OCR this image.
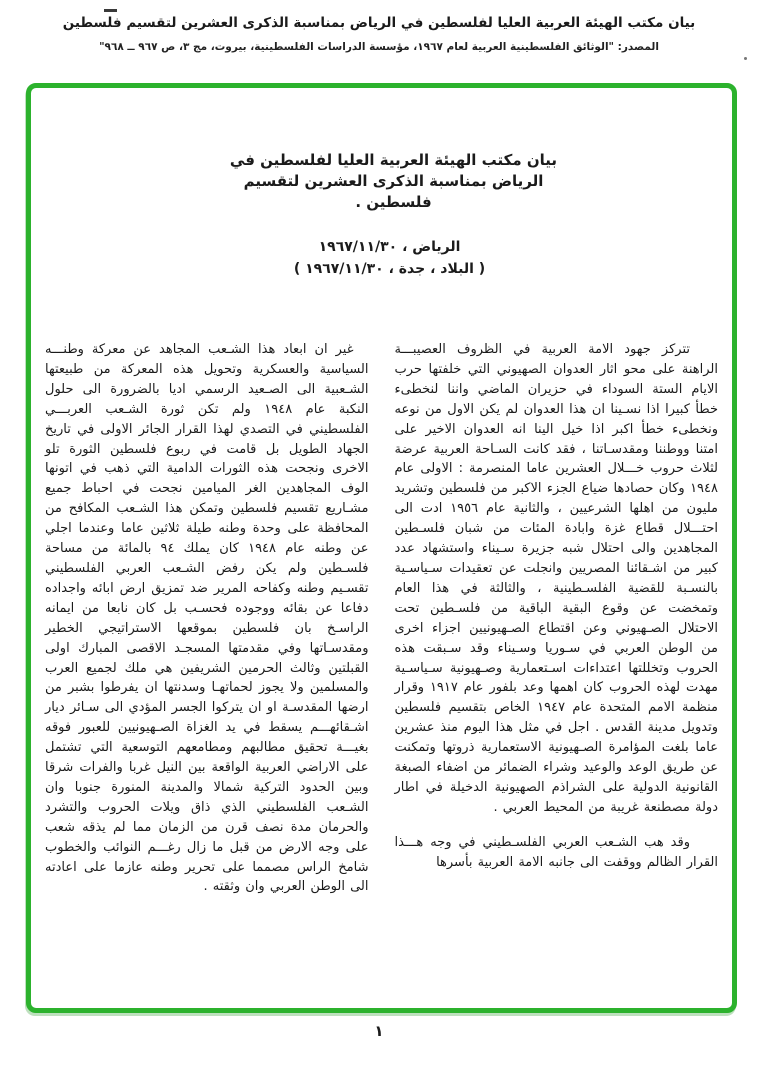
بيان مكتب الهيئة العربية العليا لفلسطين في الرياض بمناسبة الذكرى العشرين لتقسيم فلسطين
المصدر: "الوثائق الفلسطينية العربية لعام ١٩٦٧، مؤسسة الدراسات الفلسطينية، بيروت، مج ٣، ص ٩٦٧ ــ ٩٦٨"
بيان مكتب الهيئة العربية العليا لفلسطين في
الرياض بمناسبة الذكرى العشرين لتقسيم
فلسطين .
الرياض ، ١٩٦٧/١١/٣٠
( البلاد ، جدة ، ١٩٦٧/١١/٣٠ )

تتركز جهود الامة العربية في الظروف العصيبـــة الراهنة على محو اثار العدوان الصهيوني التي خلفتها حرب الايام الستة السوداء في حزيران الماضي واننا لنخطىء خطأ كبيرا اذا نسـينا ان هذا العدوان لم يكن الاول من نوعه ونخطىء خطأ اكبر اذا خيل الينا انه العدوان الاخير على امتنا ووطننا ومقدسـاتنا ، فقد كانت السـاحة العربية عرضة لثلاث حروب خـــلال العشرين عاما المنصرمة : الاولى عام ١٩٤٨ وكان حصادها ضياع الجزء الاكبر من فلسطين وتشريد مليون من اهلها الشرعيين ، والثانية عام ١٩٥٦ ادت الى احتـــلال قطاع غزة وابادة المئات من شبان فلسـطين المجاهدين والى احتلال شبه جزيرة سـيناء واستشهاد عدد كبير من اشـقائنا المصريين وانجلت عن تعقيدات سـياسـية بالنسـبة للقضية الفلسـطينية ، والثالثة في هذا العام وتمخضت عن وقوع البقية الباقية من فلسـطين تحت الاحتلال الصـهيوني وعن اقتطاع الصـهيونيين اجزاء اخرى من الوطن العربي في سـوريا وسـيناء وقد سـبقت هذه الحروب وتخللتها اعتداءات اسـتعمارية وصـهيونية سـياسـية مهدت لهذه الحروب كان اهمها وعد بلفور عام ١٩١٧ وقرار منظمة الامم المتحدة عام ١٩٤٧ الخاص بتقسيم فلسطين وتدويل مدينة القدس . اجل في مثل هذا اليوم منذ عشرين عاما بلغت المؤامرة الصـهيونية الاستعمارية ذروتها وتمكنت عن طريق الوعد والوعيد وشراء الضمائر من اضفاء الصبغة القانونية الدولية على الشراذم الصهيونية الدخيلة في اطار دولة مصطنعة غريبة من المحيط العربي .

وقد هب الشـعب العربي الفلسـطيني في وجه هـــذا القرار الظالم ووقفت الى جانبه الامة العربية بأسرها

غير ان ابعاد هذا الشـعب المجاهد عن معركة وطنـــه السياسية والعسكرية وتحويل هذه المعركة من طبيعتها الشـعبية الى الصـعيد الرسمي اديا بالضرورة الى حلول النكبة عام ١٩٤٨ ولم تكن ثورة الشـعب العربـــي الفلسطيني في التصدي لهذا القرار الجائر الاولى في تاريخ الجهاد الطويل بل قامت في ربوع فلسطين الثورة تلو الاخرى ونجحت هذه الثورات الدامية التي ذهب في اتونها الوف المجاهدين الغر الميامين نجحت في احباط جميع مشـاريع تقسيم فلسطين وتمكن هذا الشـعب المكافح من المحافظة على وحدة وطنه طيلة ثلاثين عاما وعندما اجلي عن وطنه عام ١٩٤٨ كان يملك ٩٤ بالمائة من مساحة فلسـطين ولم يكن رفض الشـعب العربي الفلسطيني تقسـيم وطنه وكفاحه المرير ضد تمزيق ارض ابائه واجداده دفاعا عن بقائه ووجوده فحسـب بل كان نابعا من ايمانه الراسـخ بان فلسطين بموقعها الاستراتيجي الخطير ومقدسـاتها وفي مقدمتها المسجـد الاقصى المبارك اولى القبلتين وثالث الحرمين الشريفين هي ملك لجميع العرب والمسلمين ولا يجوز لحماتهـا وسدنتها ان يفرطوا بشبر من ارضها المقدسـة او ان يتركوا الجسر المؤدي الى سـائر ديار اشـقائهـــم يسقط في يد الغزاة الصـهيونيين للعبور فوقه بغيـــة تحقيق مطالبهم ومطامعهم التوسعية التي تشتمل على الاراضي العربية الواقعة بين النيل غربا والفرات شرقا وبين الحدود التركية شمالا والمدينة المنورة جنوبا وان الشـعب الفلسطيني الذي ذاق ويلات الحروب والتشرد والحرمان مدة نصف قرن من الزمان مما لم يذقه شعب على وجه الارض من قبل ما زال رغـــم النوائب والخطوب شامخ الراس مصمما على تحرير وطنه عازما على اعادته الى الوطن العربي وان وثقته .

١
